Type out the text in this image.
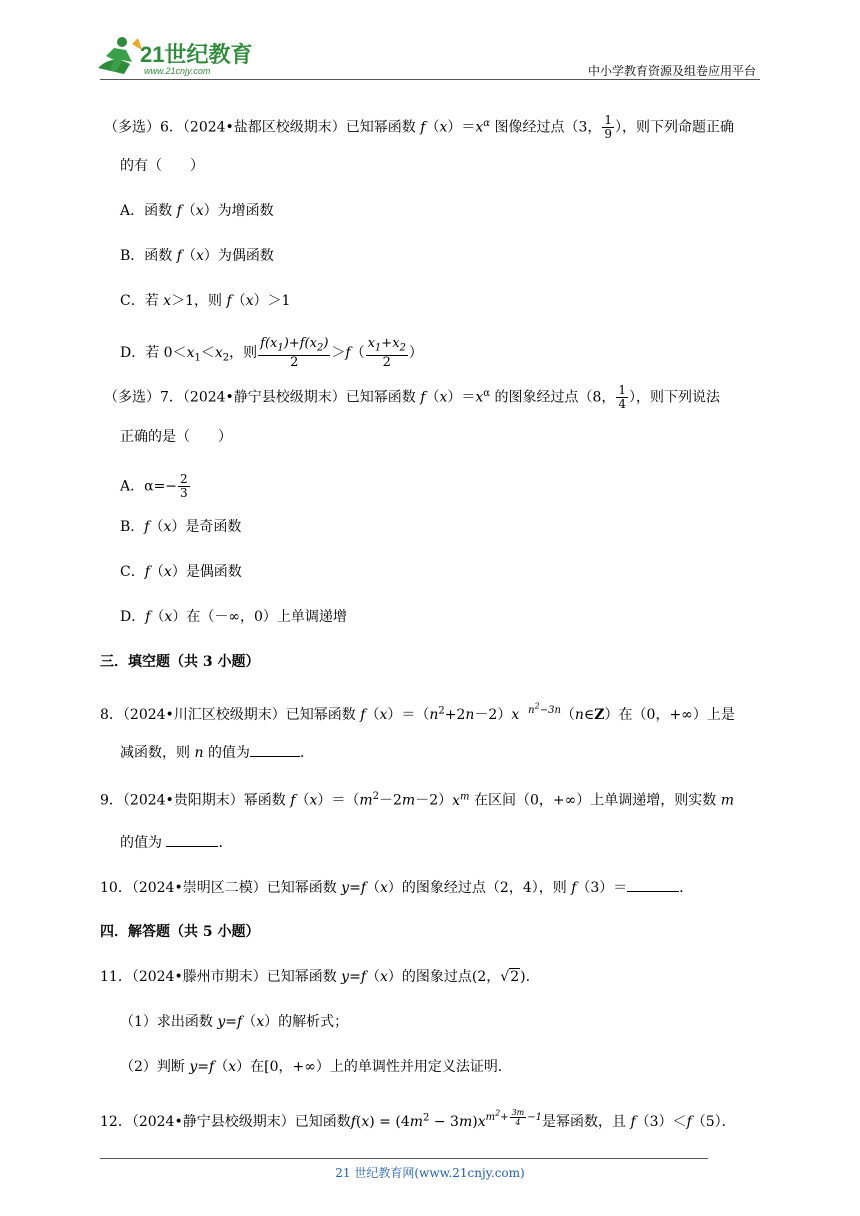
21世纪教育
www.21cnjy.com	中小学教育资源及组卷应用平台
（多选）6．（2024•盐都区校级期末）已知幂函数 $f(x)=x^\alpha$ 图像经过点（3， $\frac{1}{9}$ ），则下列命题正确
的有（　　）
A．函数 f（x）为增函数
B．函数 f（x）为偶函数
C．若 x＞1，则 f（x）＞1
D．若 $0<x_1<x_2$，则 $\frac{f(x_1)+f(x_2)}{2} >f( \frac{x_1+x_2}{2}$ ）
（多选）7．（2024•静宁县校级期末）已知幂函数 $f(x)=x^\alpha$ 的图象经过点（8， $\frac{1}{4}$ ），则下列说法
正确的是（　　）
A．$\alpha=- \frac{2}{3}$
B．f（x）是奇函数
C．f（x）是偶函数
D．f（x）在（－∞，0）上单调递增
三．填空题（共 3 小题）
8．（2024•川汇区校级期末）已知幂函数 $f(x)=(n^2+2n-2)x$ $^{n^2-3n}$（n∈Z）在（0，+∞）上是
减函数，则 n 的值为	．
9．（2024•贵阳期末）幂函数 $f(x)=(m^2-2m-2)x^m$ 在区间（0，+∞）上单调递增，则实数 m
的值为	．
10．（2024•崇明区二模）已知幂函数 y=f（x）的图象经过点（2，4），则 f（3）＝	．
四．解答题（共 5 小题）
11．（2024•滕州市期末）已知幂函数 y=f（x）的图象过点(2，√2).
（1）求出函数 y=f（x）的解析式；
（2）判断 y=f（x）在[0，+∞）上的单调性并用定义法证明．
12．（2024•静宁县校级期末）已知函数$f(x) = (4m^2 - 3m)x^{m^2+ \frac{3m}{4} -1}$是幂函数，且 f（3）＜f（5）．
21 世纪教育网(www.21cnjy.com)
